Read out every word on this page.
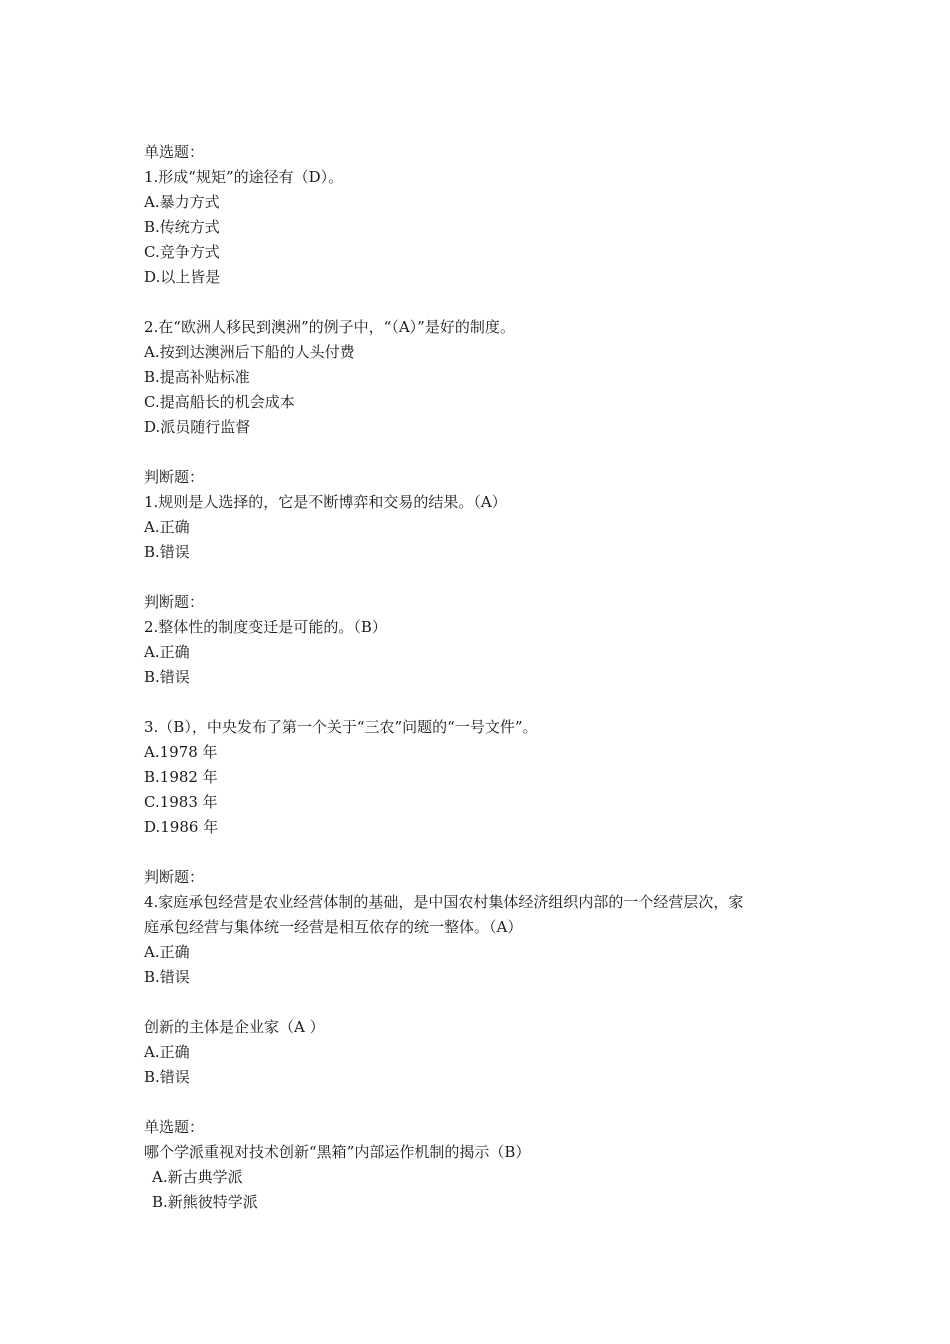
单选题：
1.形成“规矩”的途径有（D）。
A.暴力方式
B.传统方式
C.竞争方式
D.以上皆是
2.在“欧洲人移民到澳洲”的例子中，“（A）”是好的制度。
A.按到达澳洲后下船的人头付费
B.提高补贴标准
C.提高船长的机会成本
D.派员随行监督
判断题：
1.规则是人选择的，它是不断博弈和交易的结果。（A）
A.正确
B.错误
判断题：
2.整体性的制度变迁是可能的。（B）
A.正确
B.错误
3.（B），中央发布了第一个关于“三农”问题的“一号文件”。
A.1978 年
B.1982 年
C.1983 年
D.1986 年
判断题：
4.家庭承包经营是农业经营体制的基础，是中国农村集体经济组织内部的一个经营层次，家
庭承包经营与集体统一经营是相互依存的统一整体。（A）
A.正确
B.错误
创新的主体是企业家（A ）
A.正确
B.错误
单选题：
哪个学派重视对技术创新“黑箱”内部运作机制的揭示（B）
A.新古典学派
B.新熊彼特学派
